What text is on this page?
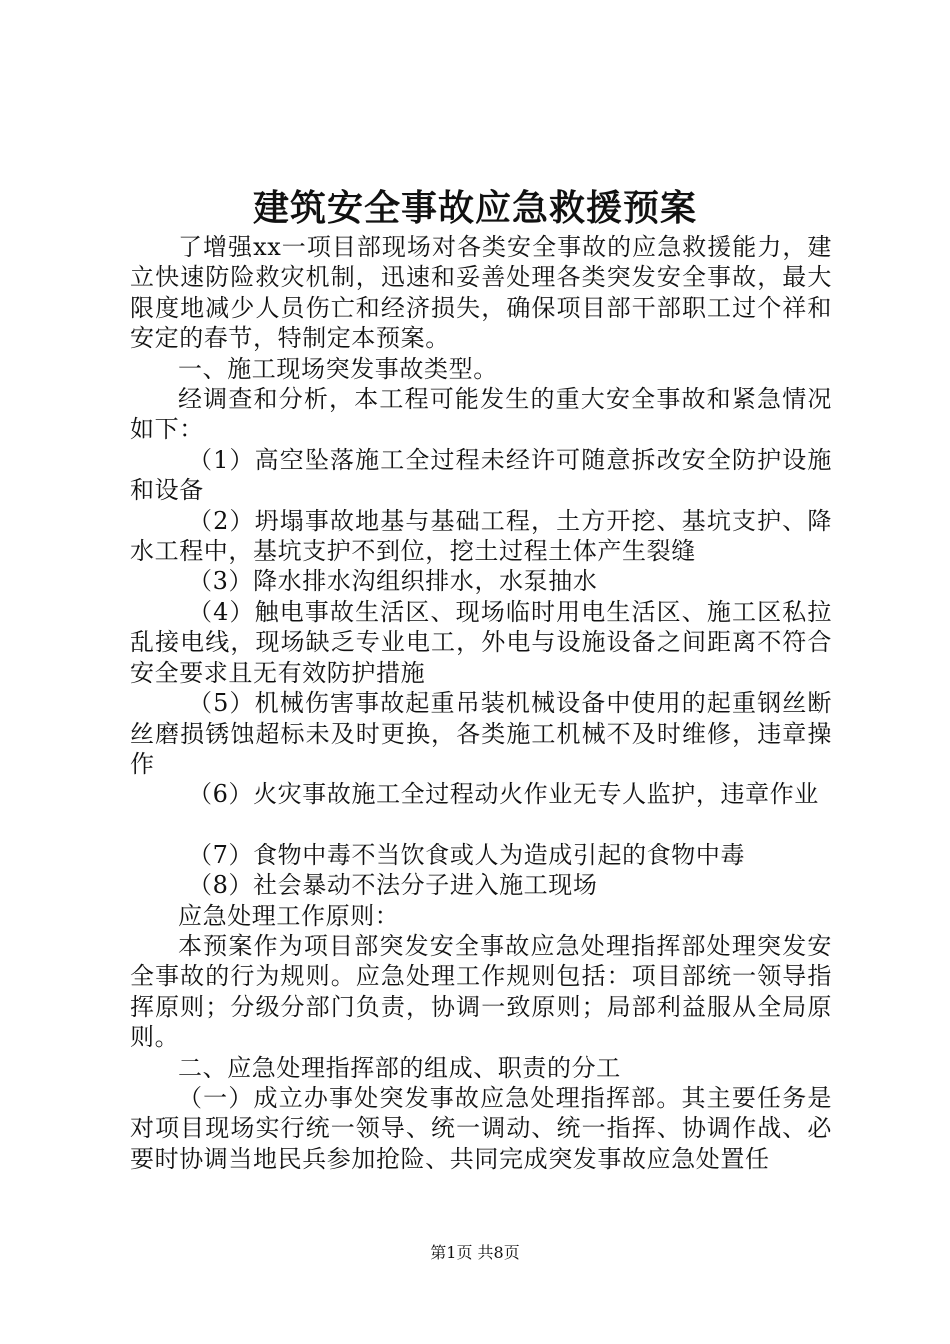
建筑安全事故应急救援预案

了增强xx一项目部现场对各类安全事故的应急救援能力，建立快速防险救灾机制，迅速和妥善处理各类突发安全事故，最大限度地减少人员伤亡和经济损失，确保项目部干部职工过个祥和安定的春节，特制定本预案。

一、施工现场突发事故类型。

经调查和分析，本工程可能发生的重大安全事故和紧急情况如下：

（1）高空坠落施工全过程未经许可随意拆改安全防护设施和设备

（2）坍塌事故地基与基础工程，土方开挖、基坑支护、降水工程中，基坑支护不到位，挖土过程土体产生裂缝

（3）降水排水沟组织排水，水泵抽水

（4）触电事故生活区、现场临时用电生活区、施工区私拉乱接电线，现场缺乏专业电工，外电与设施设备之间距离不符合安全要求且无有效防护措施

（5）机械伤害事故起重吊装机械设备中使用的起重钢丝断丝磨损锈蚀超标未及时更换，各类施工机械不及时维修，违章操作

（6）火灾事故施工全过程动火作业无专人监护，违章作业

（7）食物中毒不当饮食或人为造成引起的食物中毒

（8）社会暴动不法分子进入施工现场

应急处理工作原则：

本预案作为项目部突发安全事故应急处理指挥部处理突发安全事故的行为规则。应急处理工作规则包括：项目部统一领导指挥原则；分级分部门负责，协调一致原则；局部利益服从全局原则。

二、应急处理指挥部的组成、职责的分工

（一）成立办事处突发事故应急处理指挥部。其主要任务是对项目现场实行统一领导、统一调动、统一指挥、协调作战、必要时协调当地民兵参加抢险、共同完成突发事故应急处置任

第1页 共8页
